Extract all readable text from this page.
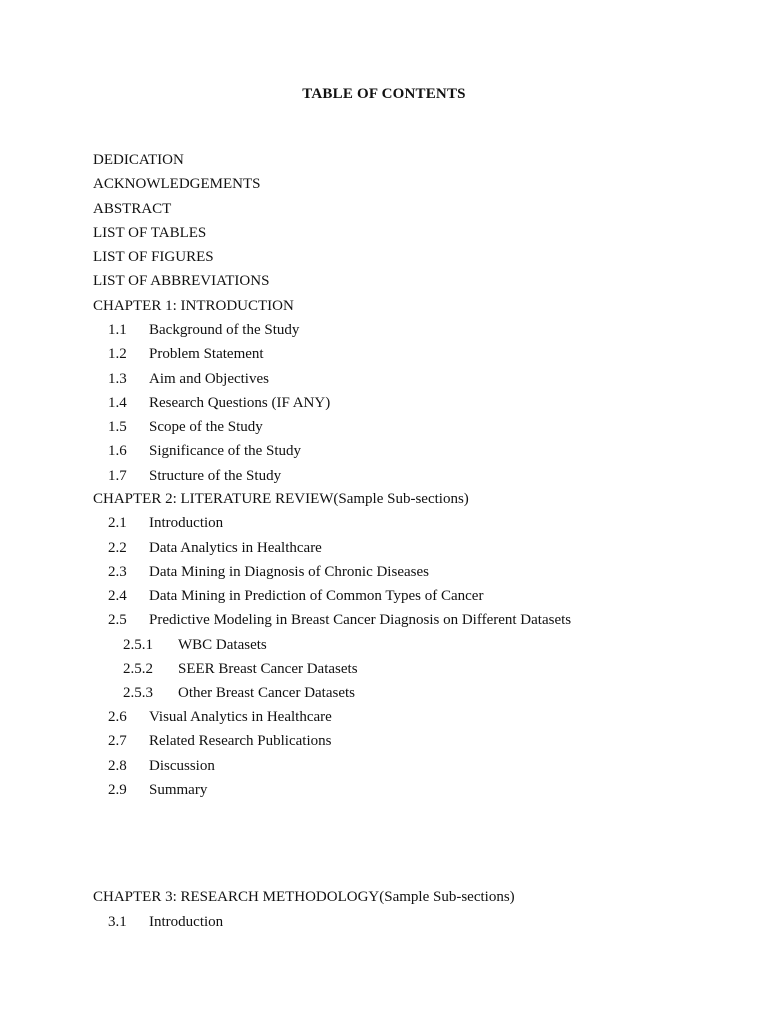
TABLE OF CONTENTS
DEDICATION
ACKNOWLEDGEMENTS
ABSTRACT
LIST OF TABLES
LIST OF FIGURES
LIST OF ABBREVIATIONS
CHAPTER 1: INTRODUCTION
1.1 Background of the Study
1.2 Problem Statement
1.3 Aim and Objectives
1.4 Research Questions (IF ANY)
1.5 Scope of the Study
1.6 Significance of the Study
1.7 Structure of the Study
CHAPTER 2: LITERATURE REVIEW(Sample Sub-sections)
2.1 Introduction
2.2 Data Analytics in Healthcare
2.3 Data Mining in Diagnosis of Chronic Diseases
2.4 Data Mining in Prediction of Common Types of Cancer
2.5 Predictive Modeling in Breast Cancer Diagnosis on Different Datasets
2.5.1 WBC Datasets
2.5.2 SEER Breast Cancer Datasets
2.5.3 Other Breast Cancer Datasets
2.6 Visual Analytics in Healthcare
2.7 Related Research Publications
2.8 Discussion
2.9 Summary
CHAPTER 3: RESEARCH METHODOLOGY(Sample Sub-sections)
3.1 Introduction
